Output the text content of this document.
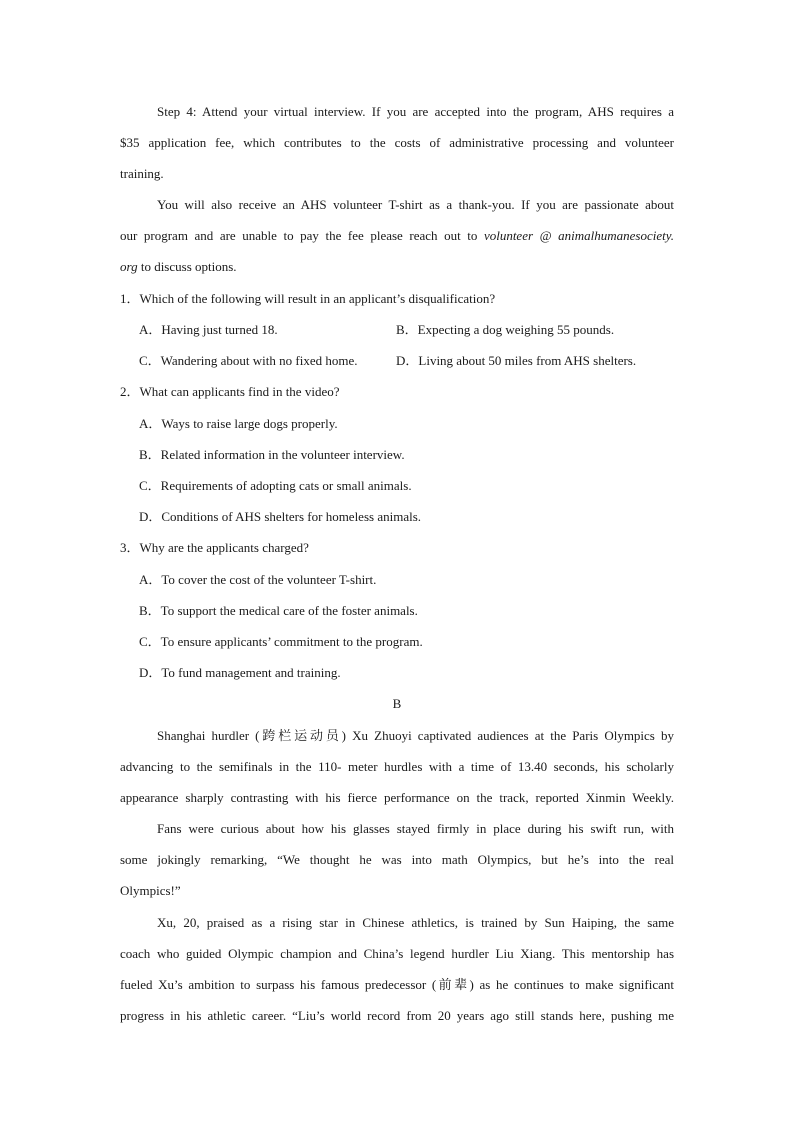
Step 4: Attend your virtual interview. If you are accepted into the program, AHS requires a
$35 application fee, which contributes to the costs of administrative processing and volunteer
training.
You will also receive an AHS volunteer T-shirt as a thank-you. If you are passionate about
our program and are unable to pay the fee please reach out to volunteer @ animalhumanesociety.
org to discuss options.
1．Which of the following will result in an applicant’s disqualification?
A．Having just turned 18.	B．Expecting a dog weighing 55 pounds.
C．Wandering about with no fixed home.	D．Living about 50 miles from AHS shelters.
2．What can applicants find in the video?
A．Ways to raise large dogs properly.
B．Related information in the volunteer interview.
C．Requirements of adopting cats or small animals.
D．Conditions of AHS shelters for homeless animals.
3．Why are the applicants charged?
A．To cover the cost of the volunteer T-shirt.
B．To support the medical care of the foster animals.
C．To ensure applicants’ commitment to the program.
D．To fund management and training.
B
Shanghai hurdler (跨栏运动员) Xu Zhuoyi captivated audiences at the Paris Olympics by
advancing to the semifinals in the 110- meter hurdles with a time of 13.40 seconds, his scholarly
appearance sharply contrasting with his fierce performance on the track, reported Xinmin Weekly.
Fans were curious about how his glasses stayed firmly in place during his swift run, with
some jokingly remarking, “We thought he was into math Olympics, but he’s into the real
Olympics!”
Xu, 20, praised as a rising star in Chinese athletics, is trained by Sun Haiping, the same
coach who guided Olympic champion and China’s legend hurdler Liu Xiang. This mentorship has
fueled Xu’s ambition to surpass his famous predecessor (前辈) as he continues to make significant
progress in his athletic career. “Liu’s world record from 20 years ago still stands here, pushing me
